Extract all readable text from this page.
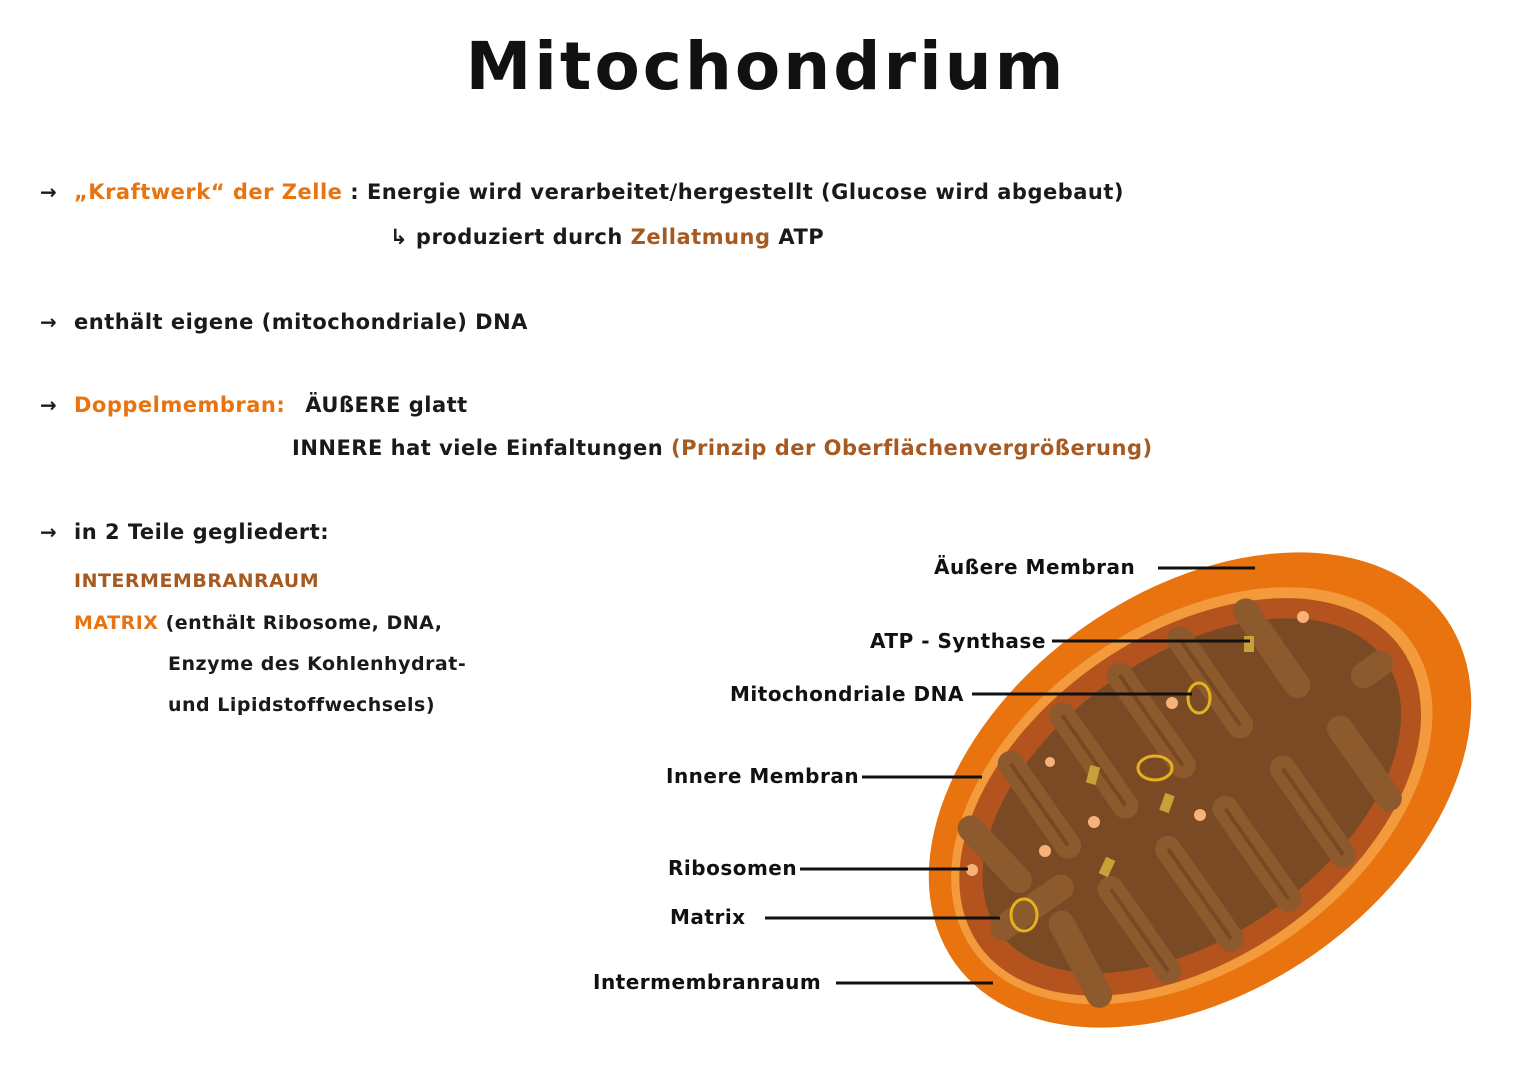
Mitochondrium
→ „Kraftwerk“ der Zelle : Energie wird verarbeitet/hergestellt (Glucose wird abgebaut)
↳ produziert durch Zellatmung ATP
→ enthält eigene (mitochondriale) DNA
→ Doppelmembran: ÄUßERE glatt
INNERE hat viele Einfaltungen (Prinzip der Oberflächenvergrößerung)
→ in 2 Teile gegliedert:
INTERMEMBRANRAUM
MATRIX (enthält Ribosome, DNA,
Enzyme des Kohlenhydrat-
und Lipidstoffwechsels)
Äußere Membran
ATP - Synthase
Mitochondriale DNA
Innere Membran
Ribosomen
Matrix
Intermembranraum
